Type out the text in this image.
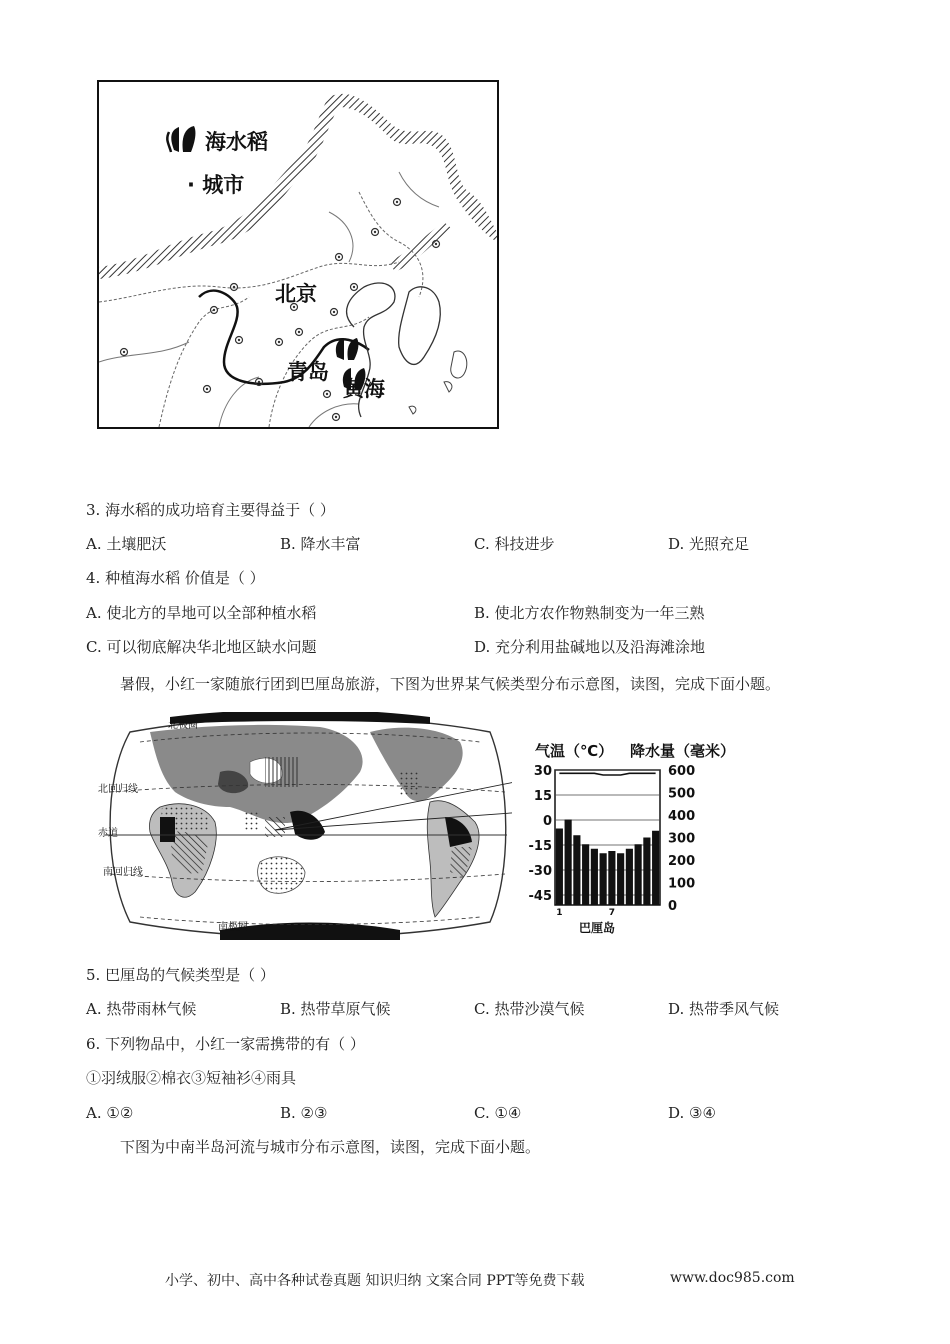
海水稻
· 城市
北京
青岛
黄海
3. 海水稻的成功培育主要得益于（ ）
A. 土壤肥沃	B. 降水丰富	C. 科技进步	D. 光照充足
4. 种植海水稻 价值是（ ）
A. 使北方的旱地可以全部种植水稻	B. 使北方农作物熟制变为一年三熟
C. 可以彻底解决华北地区缺水问题	D. 充分利用盐碱地以及沿海滩涂地
暑假，小红一家随旅行团到巴厘岛旅游，下图为世界某气候类型分布示意图，读图，完成下面小题。
北极圈
北回归线
赤道
南回归线
南极圈
气温（℃） 降水量（毫米）
30
15
0
-15
-30
-45
600
500
400
300
200
100
0
1	7
巴厘岛
5. 巴厘岛的气候类型是（ ）
A. 热带雨林气候	B. 热带草原气候	C. 热带沙漠气候	D. 热带季风气候
6. 下列物品中，小红一家需携带的有（ ）
①羽绒服②棉衣③短袖衫④雨具
A. ①②	B. ②③	C. ①④	D. ③④
下图为中南半岛河流与城市分布示意图，读图，完成下面小题。
小学、初中、高中各种试卷真题 知识归纳 文案合同 PPT等免费下载	www.doc985.com
